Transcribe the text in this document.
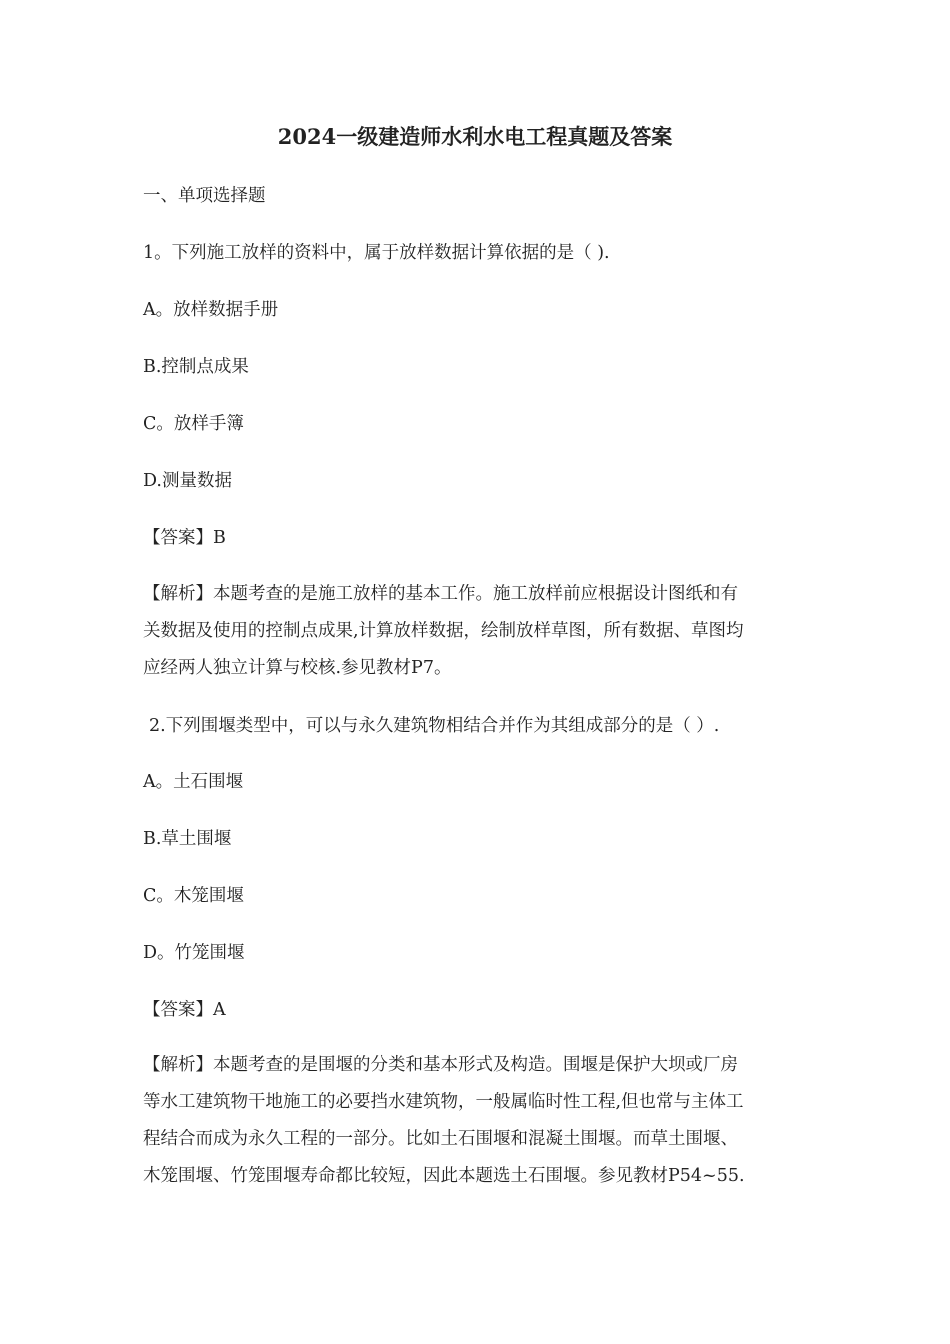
2024一级建造师水利水电工程真题及答案
一、单项选择题
1。下列施工放样的资料中，属于放样数据计算依据的是（ ).
A。放样数据手册
B.控制点成果
C。放样手簿
D.测量数据
【答案】B
【解析】本题考查的是施工放样的基本工作。施工放样前应根据设计图纸和有
关数据及使用的控制点成果,计算放样数据，绘制放样草图，所有数据、草图均
应经两人独立计算与校核.参见教材P7。
2.下列围堰类型中，可以与永久建筑物相结合并作为其组成部分的是（ ）.
A。土石围堰
B.草土围堰
C。木笼围堰
D。竹笼围堰
【答案】A
【解析】本题考查的是围堰的分类和基本形式及构造。围堰是保护大坝或厂房
等水工建筑物干地施工的必要挡水建筑物，一般属临时性工程,但也常与主体工
程结合而成为永久工程的一部分。比如土石围堰和混凝土围堰。而草土围堰、
木笼围堰、竹笼围堰寿命都比较短，因此本题选土石围堰。参见教材P54~55.
